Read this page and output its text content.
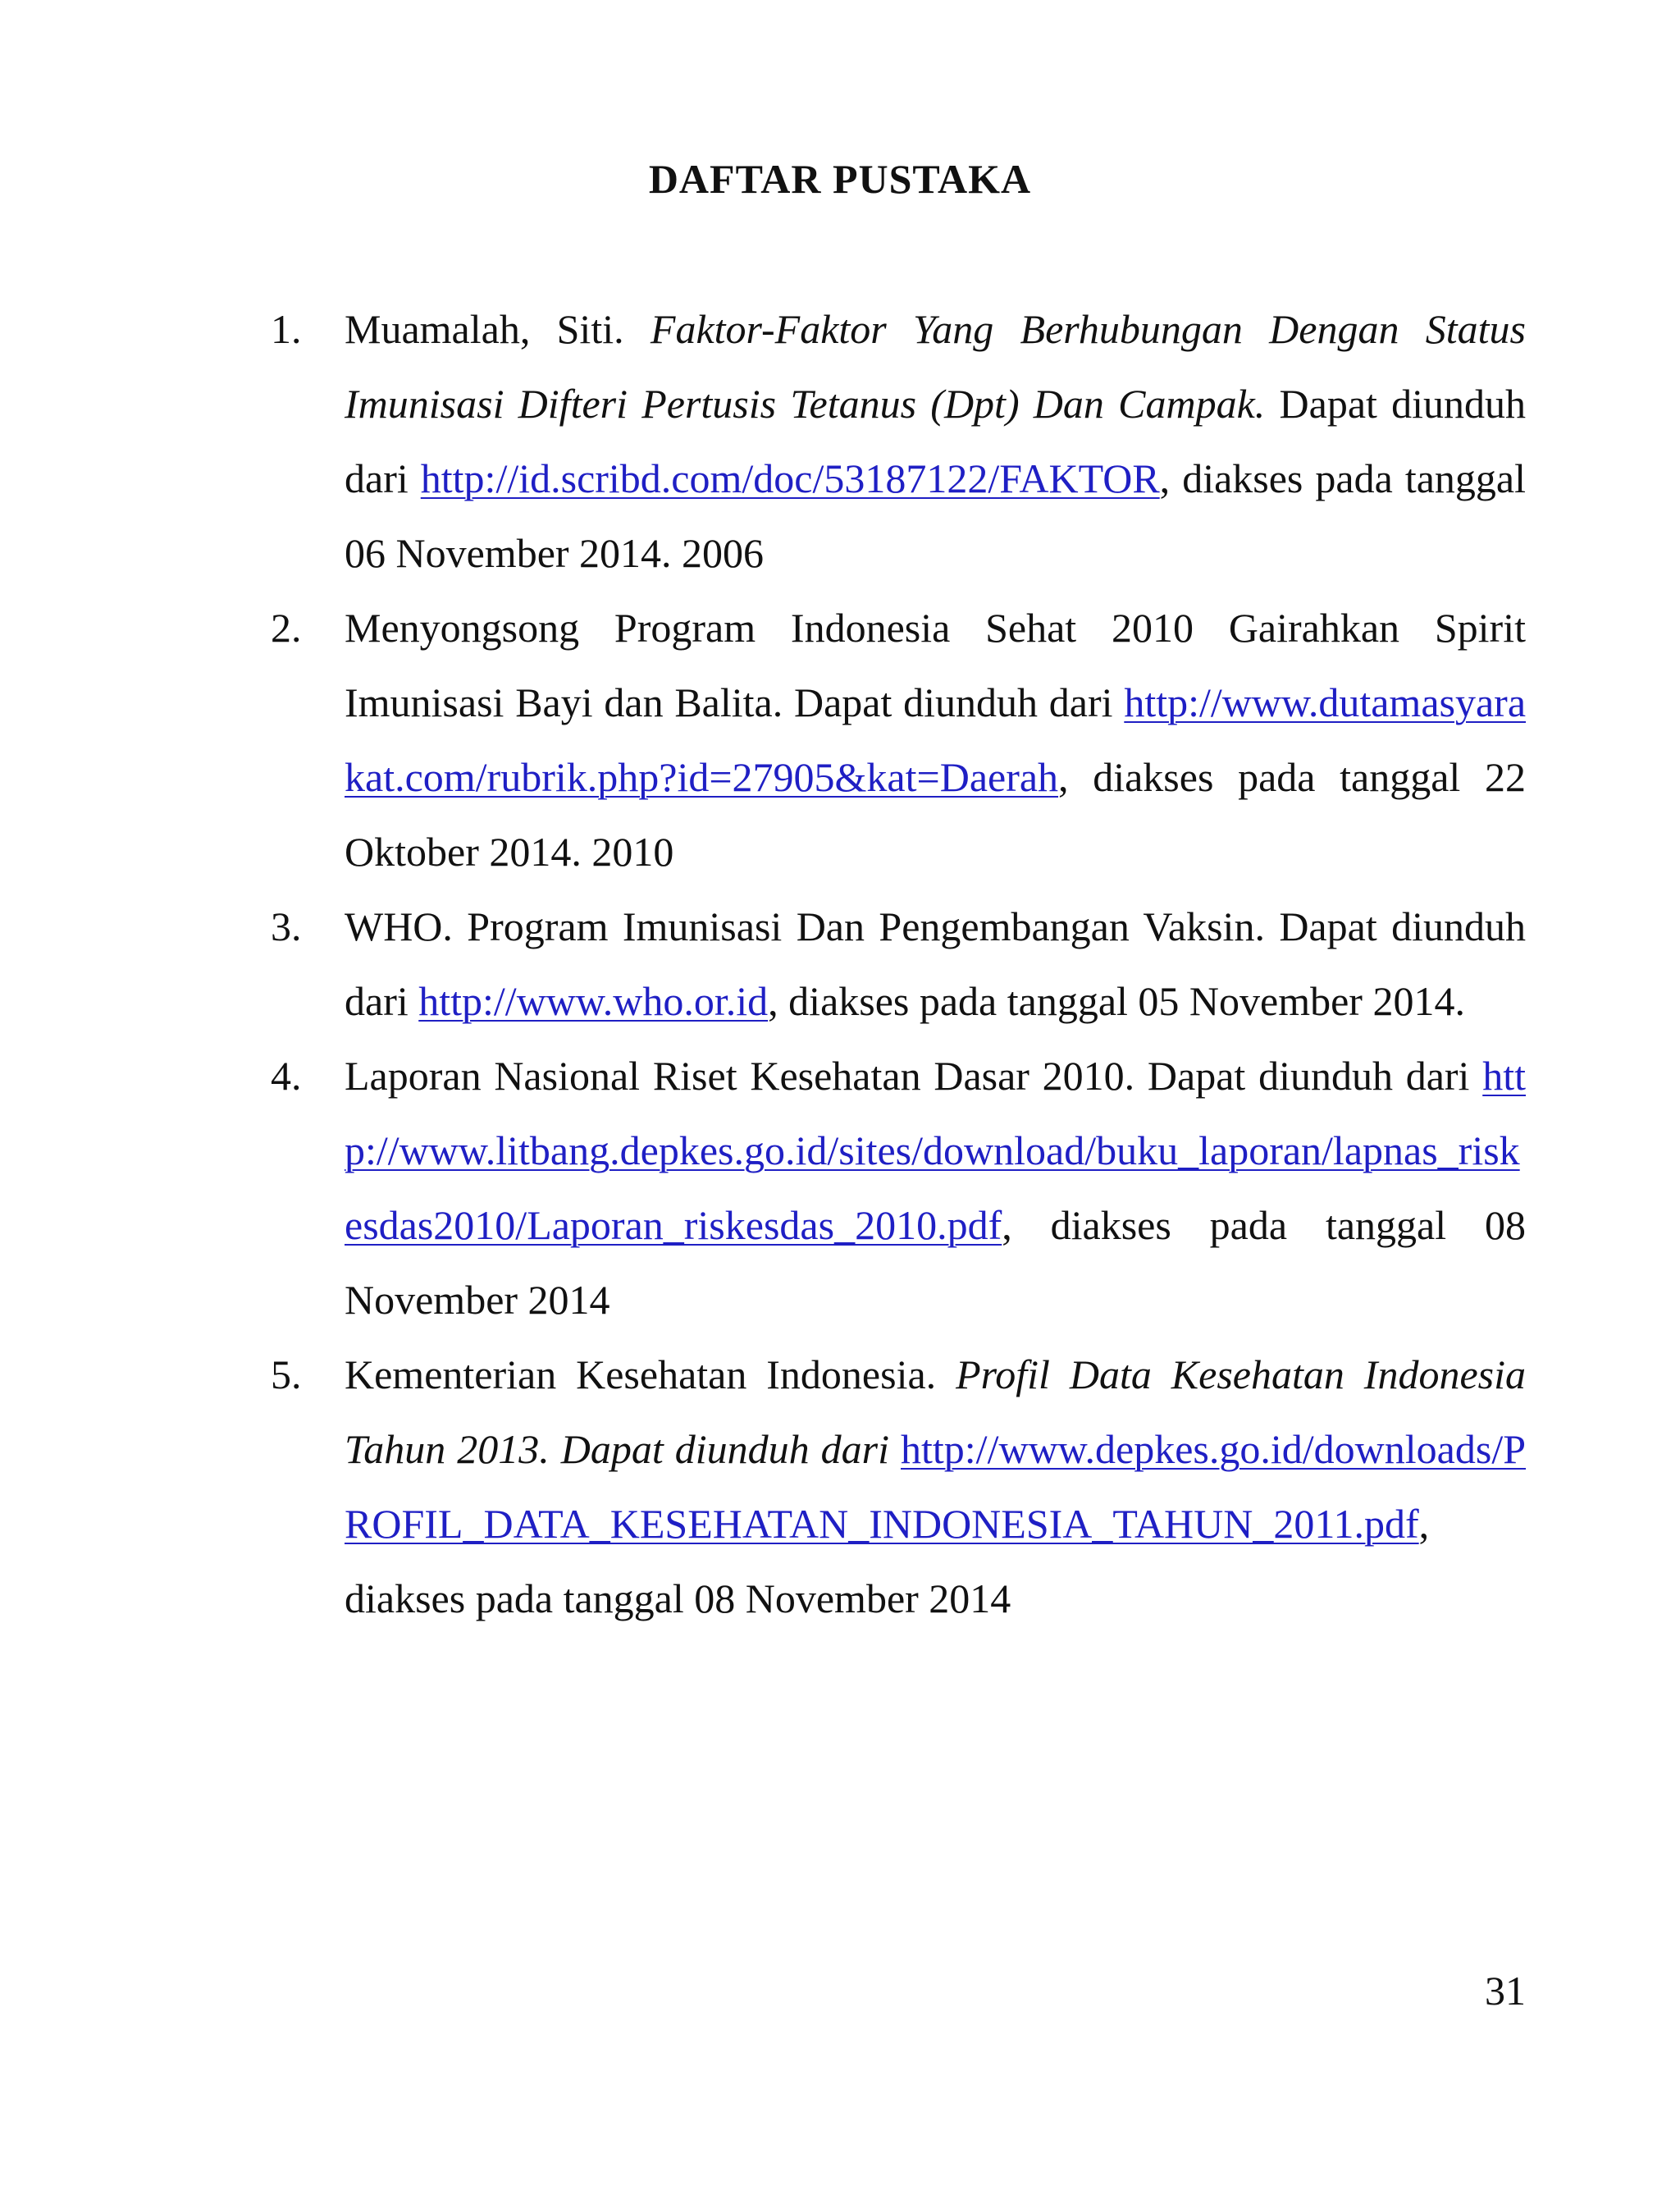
DAFTAR PUSTAKA
1. Muamalah, Siti. Faktor-Faktor Yang Berhubungan Dengan Status Imunisasi Difteri Pertusis Tetanus (Dpt) Dan Campak. Dapat diunduh dari http://id.scribd.com/doc/53187122/FAKTOR, diakses pada tanggal 06 November 2014. 2006
2. Menyongsong Program Indonesia Sehat 2010 Gairahkan Spirit Imunisasi Bayi dan Balita. Dapat diunduh dari http://www.dutamasyarakat.com/rubrik.php?id=27905&kat=Daerah, diakses pada tanggal 22 Oktober 2014. 2010
3. WHO. Program Imunisasi Dan Pengembangan Vaksin. Dapat diunduh dari http://www.who.or.id, diakses pada tanggal 05 November 2014.
4. Laporan Nasional Riset Kesehatan Dasar 2010. Dapat diunduh dari http://www.litbang.depkes.go.id/sites/download/buku_laporan/lapnas_riskesdas2010/Laporan_riskesdas_2010.pdf, diakses pada tanggal 08 November 2014
5. Kementerian Kesehatan Indonesia. Profil Data Kesehatan Indonesia Tahun 2013. Dapat diunduh dari http://www.depkes.go.id/downloads/PROFIL_DATA_KESEHATAN_INDONESIA_TAHUN_2011.pdf, diakses pada tanggal 08 November 2014
31
